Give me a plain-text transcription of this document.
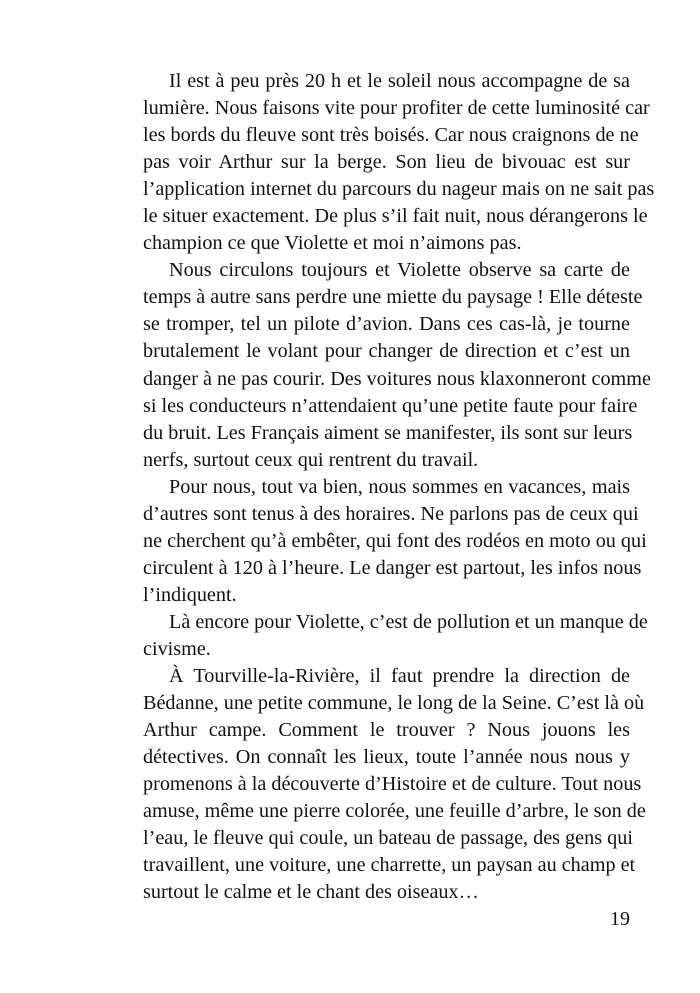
Il est à peu près 20 h et le soleil nous accompagne de sa
lumière. Nous faisons vite pour profiter de cette luminosité car
les bords du fleuve sont très boisés. Car nous craignons de ne
pas voir Arthur sur la berge. Son lieu de bivouac est sur
l’application internet du parcours du nageur mais on ne sait pas
le situer exactement. De plus s’il fait nuit, nous dérangerons le
champion ce que Violette et moi n’aimons pas.
Nous circulons toujours et Violette observe sa carte de
temps à autre sans perdre une miette du paysage ! Elle déteste
se tromper, tel un pilote d’avion. Dans ces cas-là, je tourne
brutalement le volant pour changer de direction et c’est un
danger à ne pas courir. Des voitures nous klaxonneront comme
si les conducteurs n’attendaient qu’une petite faute pour faire
du bruit. Les Français aiment se manifester, ils sont sur leurs
nerfs, surtout ceux qui rentrent du travail.
Pour nous, tout va bien, nous sommes en vacances, mais
d’autres sont tenus à des horaires. Ne parlons pas de ceux qui
ne cherchent qu’à embêter, qui font des rodéos en moto ou qui
circulent à 120 à l’heure. Le danger est partout, les infos nous
l’indiquent.
Là encore pour Violette, c’est de pollution et un manque de
civisme.
À Tourville-la-Rivière, il faut prendre la direction de
Bédanne, une petite commune, le long de la Seine. C’est là où
Arthur campe. Comment le trouver ? Nous jouons les
détectives. On connaît les lieux, toute l’année nous nous y
promenons à la découverte d’Histoire et de culture. Tout nous
amuse, même une pierre colorée, une feuille d’arbre, le son de
l’eau, le fleuve qui coule, un bateau de passage, des gens qui
travaillent, une voiture, une charrette, un paysan au champ et
surtout le calme et le chant des oiseaux…
19
